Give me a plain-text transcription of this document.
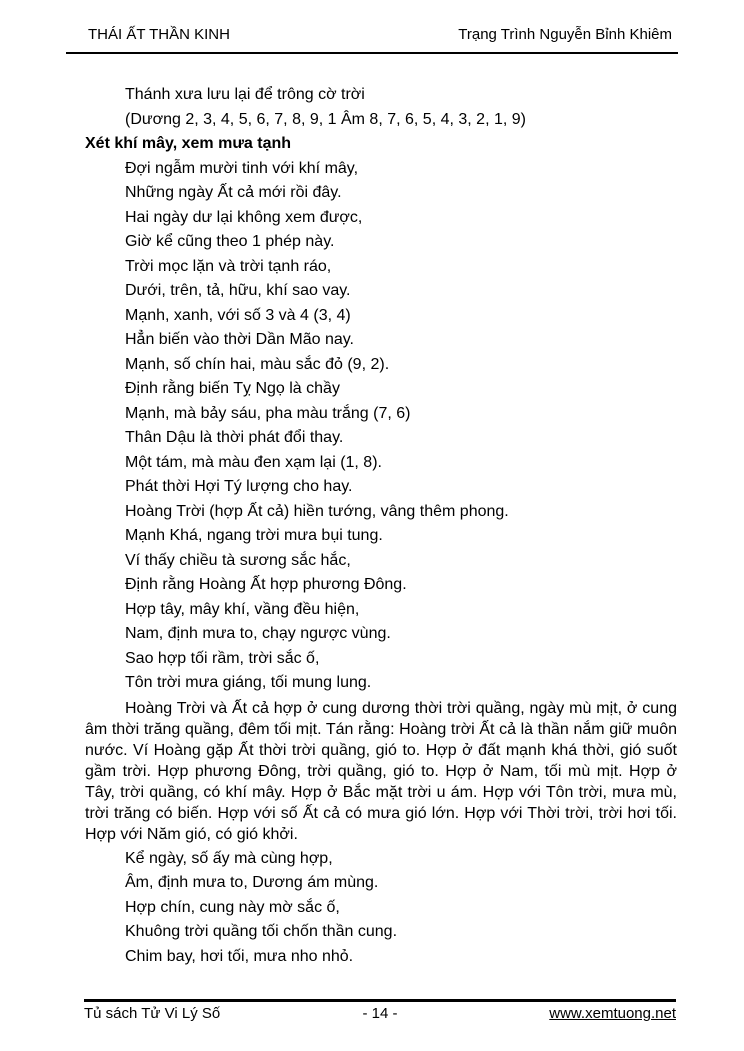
THÁI ẤT THẦN KINH	Trạng Trình Nguyễn Bỉnh Khiêm
Thánh xưa lưu lại để trông cờ trời
(Dương 2, 3, 4, 5, 6, 7, 8, 9, 1 Âm 8, 7, 6, 5, 4, 3, 2, 1, 9)
Xét khí mây, xem mưa tạnh
Đợi ngẫm mười tinh với khí mây,
Những ngày Ất cả mới rồi đây.
Hai ngày dư lại không xem được,
Giờ kể cũng theo 1 phép này.
Trời mọc lặn và trời tạnh ráo,
Dưới, trên, tả, hữu, khí sao vay.
Mạnh, xanh, với số 3 và 4 (3, 4)
Hẳn biến vào thời Dần Mão nay.
Mạnh, số chín hai, màu sắc đỏ (9, 2).
Định rằng biến Tỵ Ngọ là chầy
Mạnh, mà bảy sáu, pha màu trắng (7, 6)
Thân Dậu là thời phát đổi thay.
Một tám, mà màu đen xạm lại (1, 8).
Phát thời Hợi Tý lượng cho hay.
Hoàng Trời (hợp Ất cả) hiền tướng, vâng thêm phong.
Mạnh Khá, ngang trời mưa bụi tung.
Ví thấy chiều tà sương sắc hắc,
Định rằng Hoàng Ất hợp phương Đông.
Hợp tây, mây khí, vầng đều hiện,
Nam, định mưa to, chạy ngược vùng.
Sao hợp tối rầm, trời sắc ố,
Tôn trời mưa giáng, tối mung lung.

Hoàng Trời và Ất cả hợp ở cung dương thời trời quầng, ngày mù mịt, ở cung âm thời trăng quầng, đêm tối mịt. Tán rằng: Hoàng trời Ất cả là thần nắm giữ muôn nước. Ví Hoàng gặp Ất thời trời quầng, gió to. Hợp ở đất mạnh khá thời, gió suốt gầm trời. Hợp phương Đông, trời quầng, gió to. Hợp ở Nam, tối mù mịt. Hợp ở Tây, trời quầng, có khí mây. Hợp ở Bắc mặt trời u ám. Hợp với Tôn trời, mưa mù, trời trăng có biến. Hợp với số Ất cả có mưa gió lớn. Hợp với Thời trời, trời hơi tối. Hợp với Năm gió, có gió khởi.

Kể ngày, số ấy mà cùng hợp,
Âm, định mưa to, Dương ám mùng.
Hợp chín, cung này mờ sắc ố,
Khuông trời quầng tối chốn thần cung.
Chim bay, hơi tối, mưa nho nhỏ.
Tủ sách Tử Vi Lý Số	- 14 -	www.xemtuong.net
